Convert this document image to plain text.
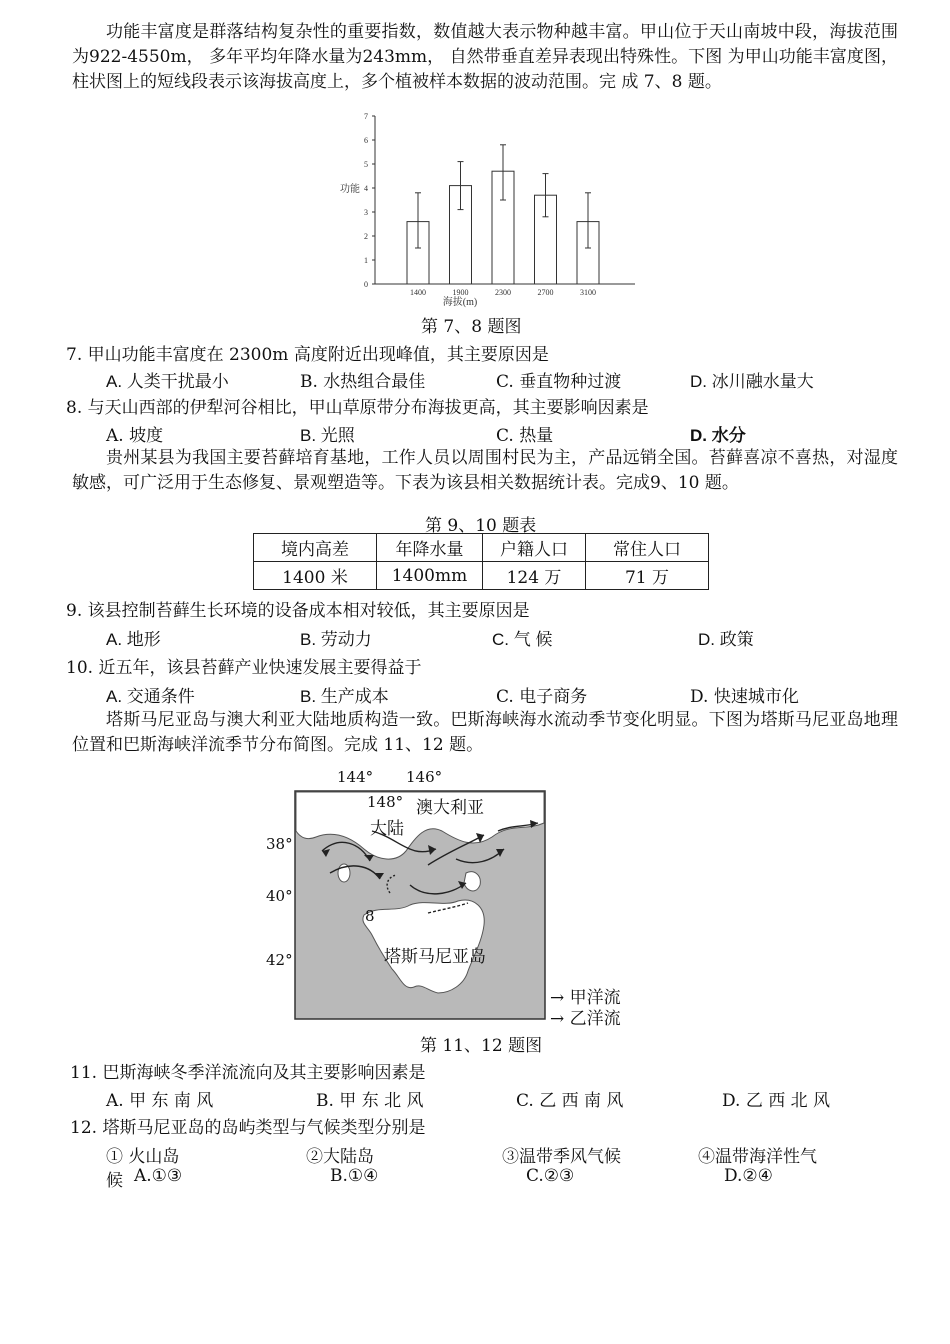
功能丰富度是群落结构复杂性的重要指数，数值越大表示物种越丰富。甲山位于天山南坡中段，海拔范围为922-4550m， 多年平均年降水量为243mm， 自然带垂直差异表现出特殊性。下图 为甲山功能丰富度图，柱状图上的短线段表示该海拔高度上，多个植被样本数据的波动范围。完 成 7、8 题。
0
1
2
3
4
5
6
7
功能
1400	1900	2300	2700	3100
海拔(m)
第 7、8 题图
7. 甲山功能丰富度在 2300m 高度附近出现峰值，其主要原因是
A. 人类干扰最小	B. 水热组合最佳	C. 垂直物种过渡	D. 冰川融水量大
8. 与天山西部的伊犁河谷相比，甲山草原带分布海拔更高，其主要影响因素是
A. 坡度	B. 光照	C. 热量	D. 水分
贵州某县为我国主要苔藓培育基地，工作人员以周围村民为主，产品远销全国。苔藓喜凉不喜热，对湿度敏感，可广泛用于生态修复、景观塑造等。下表为该县相关数据统计表。完成9、10 题。
第 9、10 题表
境内高差	年降水量	户籍人口	常住人口
1400 米	1400mm	124 万	71 万
9. 该县控制苔藓生长环境的设备成本相对较低，其主要原因是
A. 地形	B. 劳动力	C. 气 候	D. 政策
10. 近五年，该县苔藓产业快速发展主要得益于
A. 交通条件	B. 生产成本	C. 电子商务	D. 快速城市化
塔斯马尼亚岛与澳大利亚大陆地质构造一致。巴斯海峡海水流动季节变化明显。下图为塔斯马尼亚岛地理位置和巴斯海峡洋流季节分布简图。完成 11、12 题。
144° 146°
148° 澳大利亚
大陆
38°
40°
42°
8
塔斯马尼亚岛
→ 甲洋流
→ 乙洋流
第 11、12 题图
11. 巴斯海峡冬季洋流流向及其主要影响因素是
A. 甲 东 南 风	B. 甲 东 北 风	C. 乙 西 南 风	D. 乙 西 北 风
12. 塔斯马尼亚岛的岛屿类型与气候类型分别是
① 火山岛	②大陆岛	③温带季风气候	④温带海洋性气
候 A.①③	B.①④	C.②③	D.②④
